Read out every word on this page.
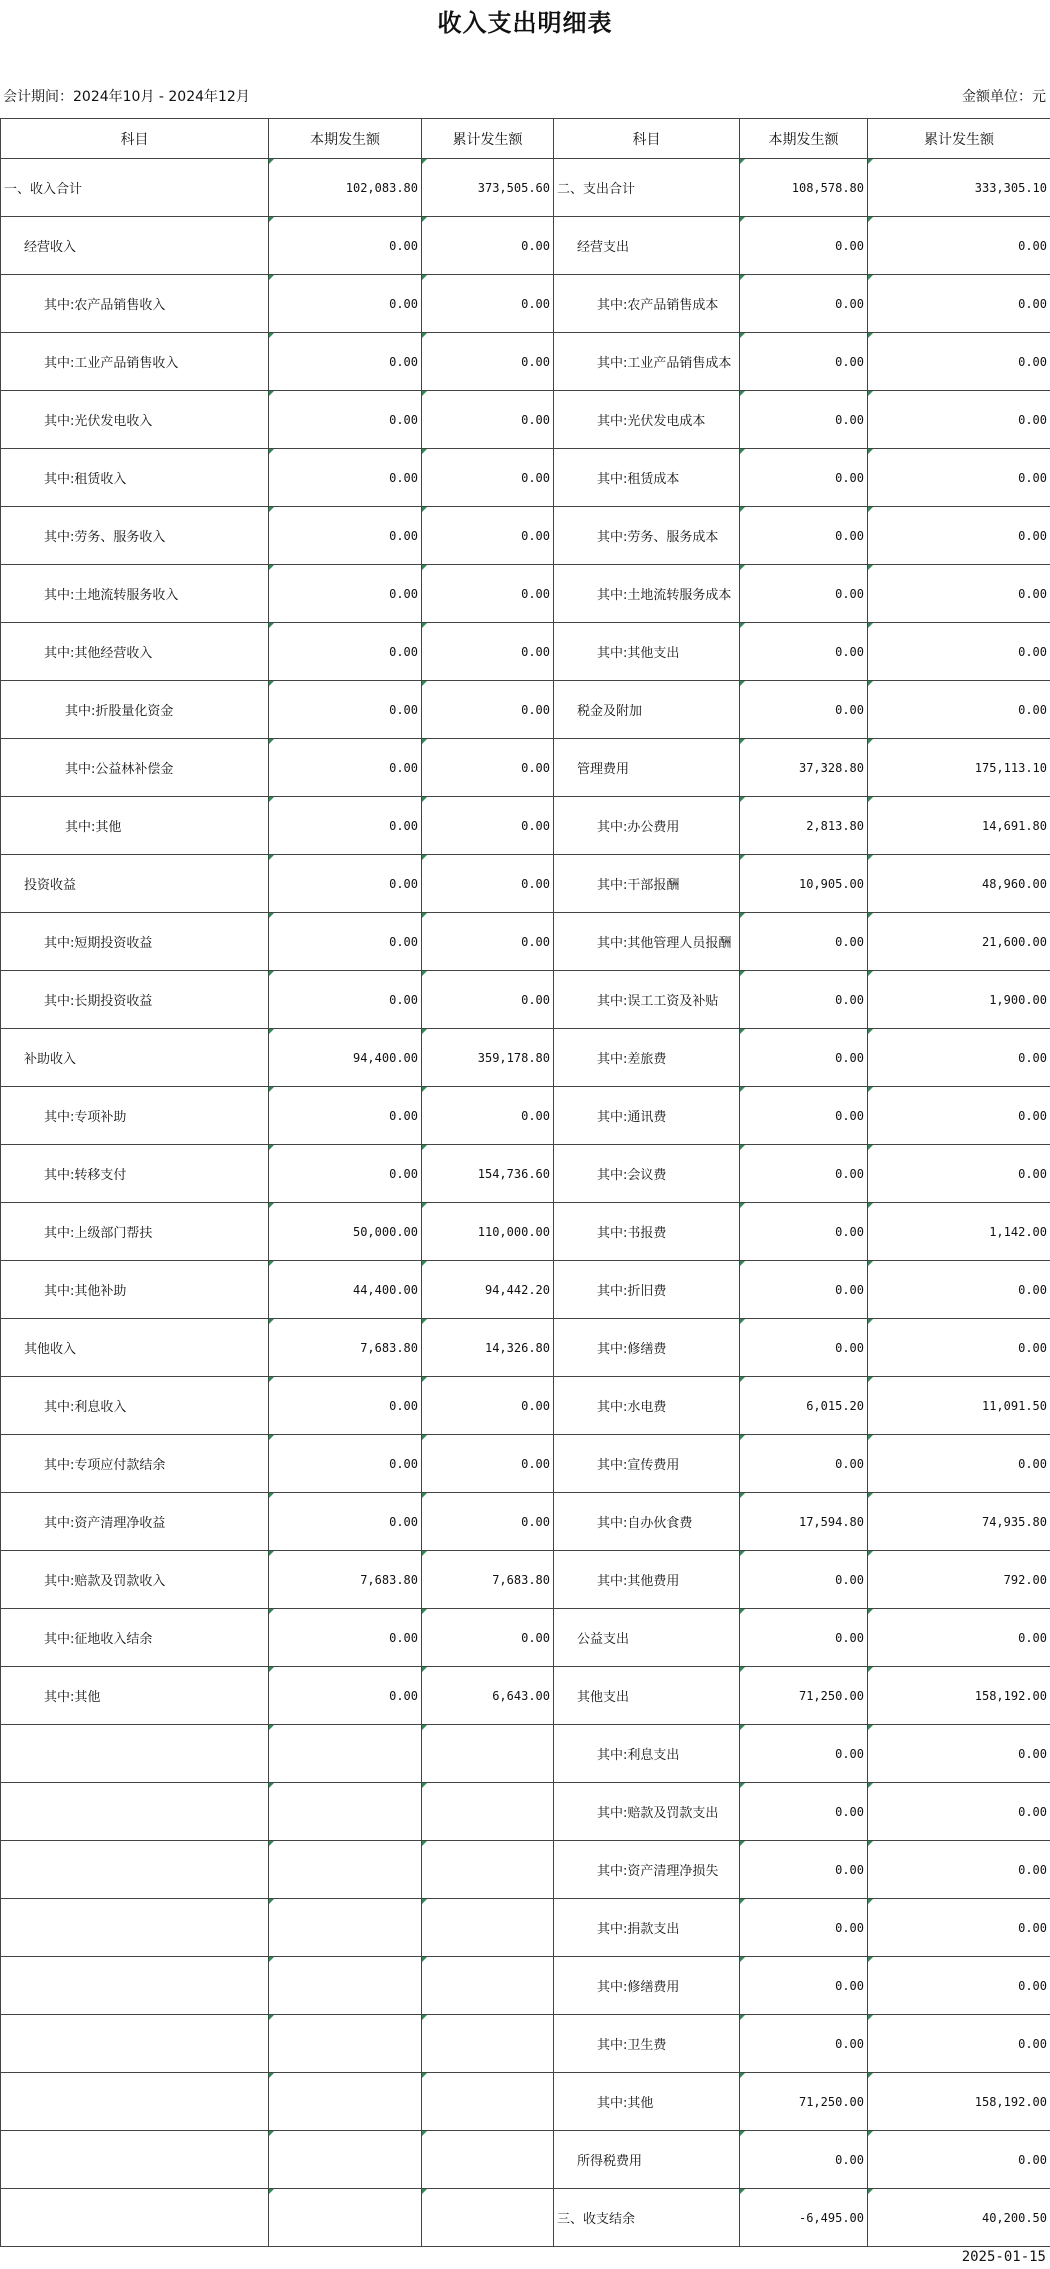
收入支出明细表
会计期间：2024年10月 - 2024年12月	金额单位：元
科目	本期发生额	累计发生额	科目	本期发生额	累计发生额
一、收入合计	102,083.80	373,505.60	二、支出合计	108,578.80	333,305.10
经营收入	0.00	0.00	经营支出	0.00	0.00
其中:农产品销售收入	0.00	0.00	其中:农产品销售成本	0.00	0.00
其中:工业产品销售收入	0.00	0.00	其中:工业产品销售成本	0.00	0.00
其中:光伏发电收入	0.00	0.00	其中:光伏发电成本	0.00	0.00
其中:租赁收入	0.00	0.00	其中:租赁成本	0.00	0.00
其中:劳务、服务收入	0.00	0.00	其中:劳务、服务成本	0.00	0.00
其中:土地流转服务收入	0.00	0.00	其中:土地流转服务成本	0.00	0.00
其中:其他经营收入	0.00	0.00	其中:其他支出	0.00	0.00
其中:折股量化资金	0.00	0.00	税金及附加	0.00	0.00
其中:公益林补偿金	0.00	0.00	管理费用	37,328.80	175,113.10
其中:其他	0.00	0.00	其中:办公费用	2,813.80	14,691.80
投资收益	0.00	0.00	其中:干部报酬	10,905.00	48,960.00
其中:短期投资收益	0.00	0.00	其中:其他管理人员报酬	0.00	21,600.00
其中:长期投资收益	0.00	0.00	其中:误工工资及补贴	0.00	1,900.00
补助收入	94,400.00	359,178.80	其中:差旅费	0.00	0.00
其中:专项补助	0.00	0.00	其中:通讯费	0.00	0.00
其中:转移支付	0.00	154,736.60	其中:会议费	0.00	0.00
其中:上级部门帮扶	50,000.00	110,000.00	其中:书报费	0.00	1,142.00
其中:其他补助	44,400.00	94,442.20	其中:折旧费	0.00	0.00
其他收入	7,683.80	14,326.80	其中:修缮费	0.00	0.00
其中:利息收入	0.00	0.00	其中:水电费	6,015.20	11,091.50
其中:专项应付款结余	0.00	0.00	其中:宣传费用	0.00	0.00
其中:资产清理净收益	0.00	0.00	其中:自办伙食费	17,594.80	74,935.80
其中:赔款及罚款收入	7,683.80	7,683.80	其中:其他费用	0.00	792.00
其中:征地收入结余	0.00	0.00	公益支出	0.00	0.00
其中:其他	0.00	6,643.00	其他支出	71,250.00	158,192.00
			其中:利息支出	0.00	0.00
			其中:赔款及罚款支出	0.00	0.00
			其中:资产清理净损失	0.00	0.00
			其中:捐款支出	0.00	0.00
			其中:修缮费用	0.00	0.00
			其中:卫生费	0.00	0.00
			其中:其他	71,250.00	158,192.00
			所得税费用	0.00	0.00
			三、收支结余	-6,495.00	40,200.50
2025-01-15
